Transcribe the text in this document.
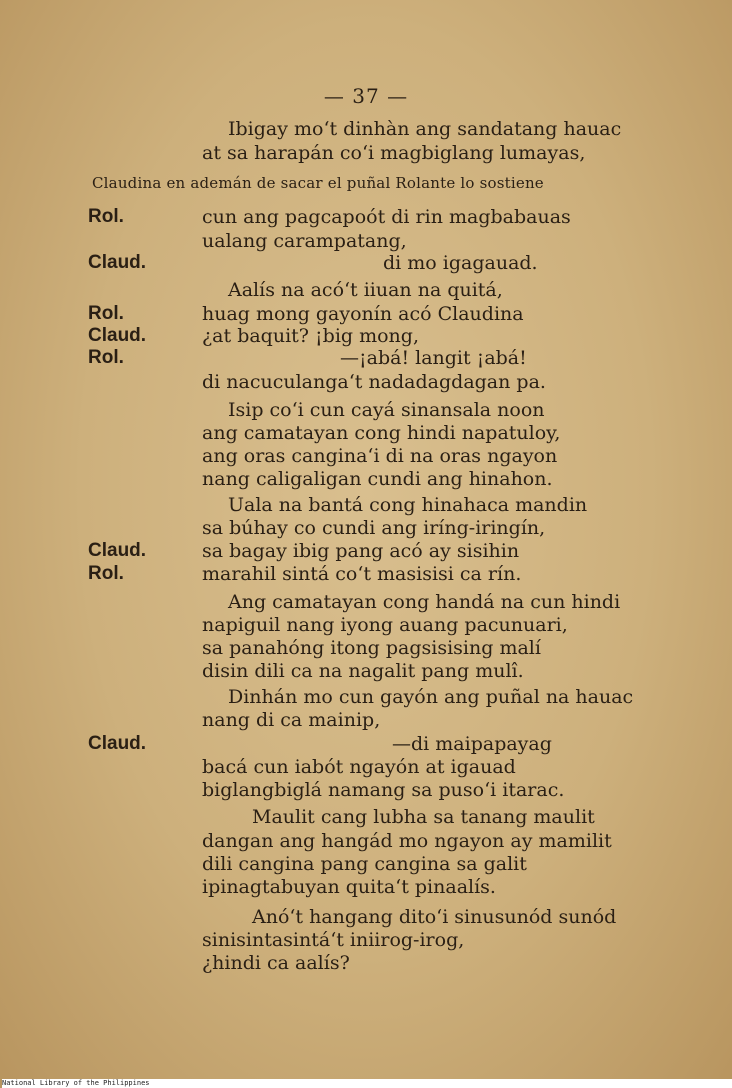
— 37 —
Ibigay mo‘t dinhàn ang sandatang hauac
at sa harapán co‘i magbiglang lumayas,
Claudina en ademán de sacar el puñal Rolante lo sostiene
Rol.	cun ang pagcapoót di rin magbabauas
ualang carampatang,
Claud.	di mo igagauad.
Aalís na acó‘t iiuan na quitá,
Rol.	huag mong gayonín acó Claudina
Claud.	¿at baquit? ¡big mong,
Rol.	—¡abá! langit ¡abá!
di nacuculanga‘t nadadagdagan pa.
Isip co‘i cun cayá sinansala noon
ang camatayan cong hindi napatuloy,
ang oras cangina‘i di na oras ngayon
nang caligaligan cundi ang hinahon.
Uala na bantá cong hinahaca mandin
sa búhay co cundi ang iríng-iringín,
Claud.	sa bagay ibig pang acó ay sisihin
Rol.	marahil sintá co‘t masisisi ca rín.
Ang camatayan cong handá na cun hindi
napiguil nang iyong auang pacunuari,
sa panahóng itong pagsisising malí
disin dili ca na nagalit pang mulî.
Dinhán mo cun gayón ang puñal na hauac
nang di ca mainip,
Claud.	—di maipapayag
bacá cun iabót ngayón at igauad
biglangbiglá namang sa puso‘i itarac.
Maulit cang lubha sa tanang maulit
dangan ang hangád mo ngayon ay mamilit
dili cangina pang cangina sa galit
ipinagtabuyan quita‘t pinaalís.
Anó‘t hangang dito‘i sinusunód sunód
sinisintasintá‘t iniirog-irog,
¿hindi ca aalís?
National Library of the Philippines
